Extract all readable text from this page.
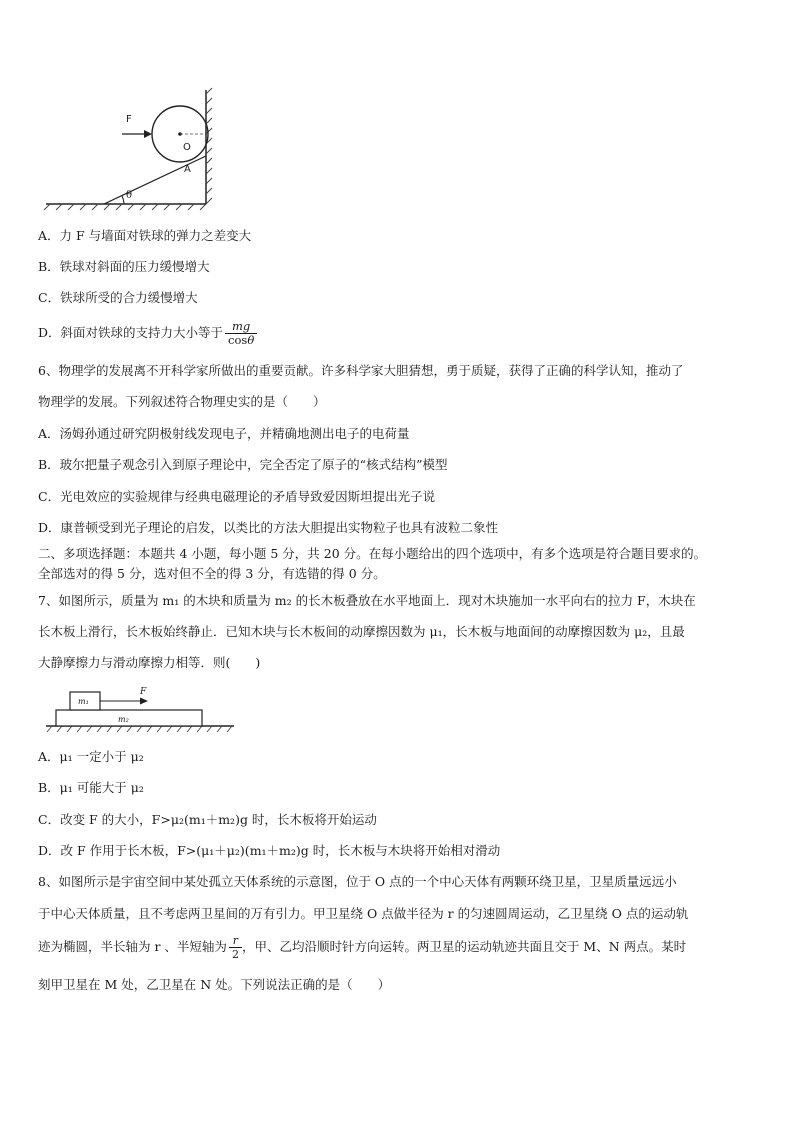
θ
O
A
F
A．力 F 与墙面对铁球的弹力之差变大
B．铁球对斜面的压力缓慢增大
C．铁球所受的合力缓慢增大
D．斜面对铁球的支持力大小等于 $\frac{mg}{\cos\theta}$
6、物理学的发展离不开科学家所做出的重要贡献。许多科学家大胆猜想，勇于质疑，获得了正确的科学认知，推动了
物理学的发展。下列叙述符合物理史实的是（　　）
A．汤姆孙通过研究阴极射线发现电子，并精确地测出电子的电荷量
B．玻尔把量子观念引入到原子理论中，完全否定了原子的“核式结构”模型
C．光电效应的实验规律与经典电磁理论的矛盾导致爱因斯坦提出光子说
D．康普顿受到光子理论的启发，以类比的方法大胆提出实物粒子也具有波粒二象性
二、多项选择题：本题共 4 小题，每小题 5 分，共 20 分。在每小题给出的四个选项中，有多个选项是符合题目要求的。
全部选对的得 5 分，选对但不全的得 3 分，有选错的得 0 分。
7、如图所示，质量为 m₁ 的木块和质量为 m₂ 的长木板叠放在水平地面上．现对木块施加一水平向右的拉力 F，木块在
长木板上滑行，长木板始终静止．已知木块与长木板间的动摩擦因数为 μ₁，长木板与地面间的动摩擦因数为 μ₂，且最
大静摩擦力与滑动摩擦力相等．则(　　)
m₂
m₁
F
A．μ₁ 一定小于 μ₂
B．μ₁ 可能大于 μ₂
C．改变 F 的大小，F>μ₂(m₁＋m₂)g 时，长木板将开始运动
D．改 F 作用于长木板，F>(μ₁＋μ₂)(m₁＋m₂)g 时，长木板与木块将开始相对滑动
8、如图所示是宇宙空间中某处孤立天体系统的示意图，位于 O 点的一个中心天体有两颗环绕卫星，卫星质量远远小
于中心天体质量，且不考虑两卫星间的万有引力。甲卫星绕 O 点做半径为 r 的匀速圆周运动，乙卫星绕 O 点的运动轨
迹为椭圆，半长轴为 r 、半短轴为 $\frac{r}{2}$ ，甲、乙均沿顺时针方向运转。两卫星的运动轨迹共面且交于 M、N 两点。某时
刻甲卫星在 M 处，乙卫星在 N 处。下列说法正确的是（　　）
